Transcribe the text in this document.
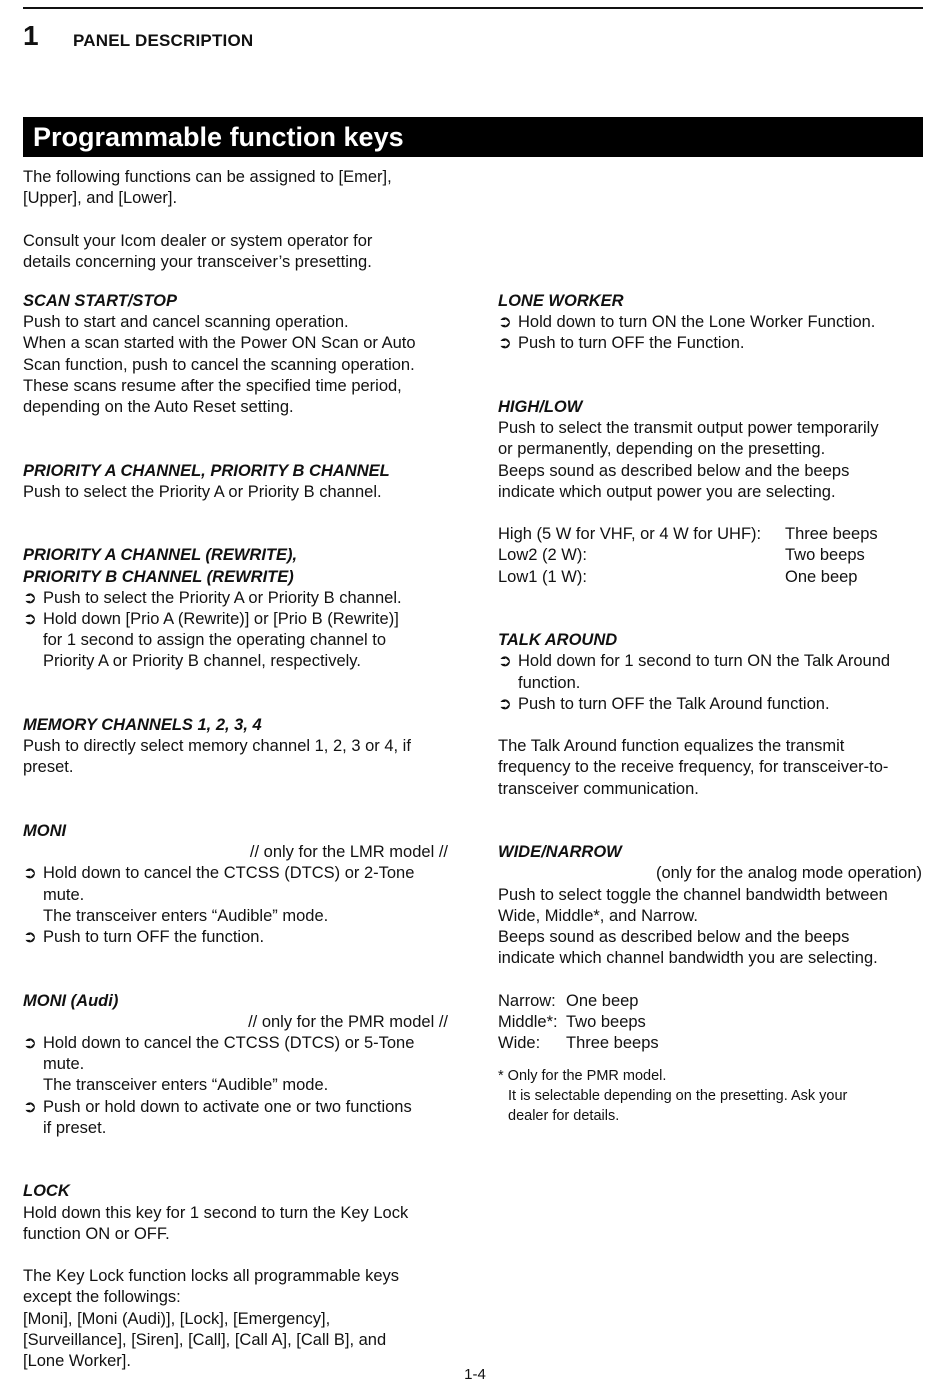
1 PANEL DESCRIPTION
Programmable function keys

The following functions can be assigned to [Emer],

[Upper], and [Lower].

Consult your Icom dealer or system operator for

details concerning your transceiver’s presetting.

SCAN START/STOP

Push to start and cancel scanning operation.

When a scan started with the Power ON Scan or Auto

Scan function, push to cancel the scanning operation.

These scans resume after the specified time period,

depending on the Auto Reset setting.

PRIORITY A CHANNEL, PRIORITY B CHANNEL

Push to select the Priority A or Priority B channel.

PRIORITY A CHANNEL (REWRITE),

PRIORITY B CHANNEL (REWRITE)

➲ Push to select the Priority A or Priority B channel.

➲ Hold down [Prio A (Rewrite)] or [Prio B (Rewrite)]

for 1 second to assign the operating channel to

Priority A or Priority B channel, respectively.

MEMORY CHANNELS 1, 2, 3, 4

Push to directly select memory channel 1, 2, 3 or 4, if

preset.

MONI

// only for the LMR model //

➲ Hold down to cancel the CTCSS (DTCS) or 2-Tone

mute.

The transceiver enters “Audible” mode.

➲ Push to turn OFF the function.

MONI (Audi)

// only for the PMR model //

➲ Hold down to cancel the CTCSS (DTCS) or 5-Tone

mute.

The transceiver enters “Audible” mode.

➲ Push or hold down to activate one or two functions

if preset.

LOCK

Hold down this key for 1 second to turn the Key Lock

function ON or OFF.

The Key Lock function locks all programmable keys

except the followings:

[Moni], [Moni (Audi)], [Lock], [Emergency],

[Surveillance], [Siren], [Call], [Call A], [Call B], and

[Lone Worker].

LONE WORKER

➲ Hold down to turn ON the Lone Worker Function.

➲ Push to turn OFF the Function.

HIGH/LOW

Push to select the transmit output power temporarily

or permanently, depending on the presetting.

Beeps sound as described below and the beeps

indicate which output power you are selecting.

High (5 W for VHF, or 4 W for UHF): Three beeps
Low2 (2 W):	Two beeps
Low1 (1 W):	One beep

TALK AROUND

➲ Hold down for 1 second to turn ON the Talk Around

function.

➲ Push to turn OFF the Talk Around function.

The Talk Around function equalizes the transmit

frequency to the receive frequency, for transceiver-to-

transceiver communication.

WIDE/NARROW

(only for the analog mode operation)

Push to select toggle the channel bandwidth between

Wide, Middle*, and Narrow.

Beeps sound as described below and the beeps

indicate which channel bandwidth you are selecting.

Narrow: One beep
Middle*: Two beeps
Wide: Three beeps

* Only for the PMR model.

It is selectable depending on the presetting. Ask your

dealer for details.

1-4
